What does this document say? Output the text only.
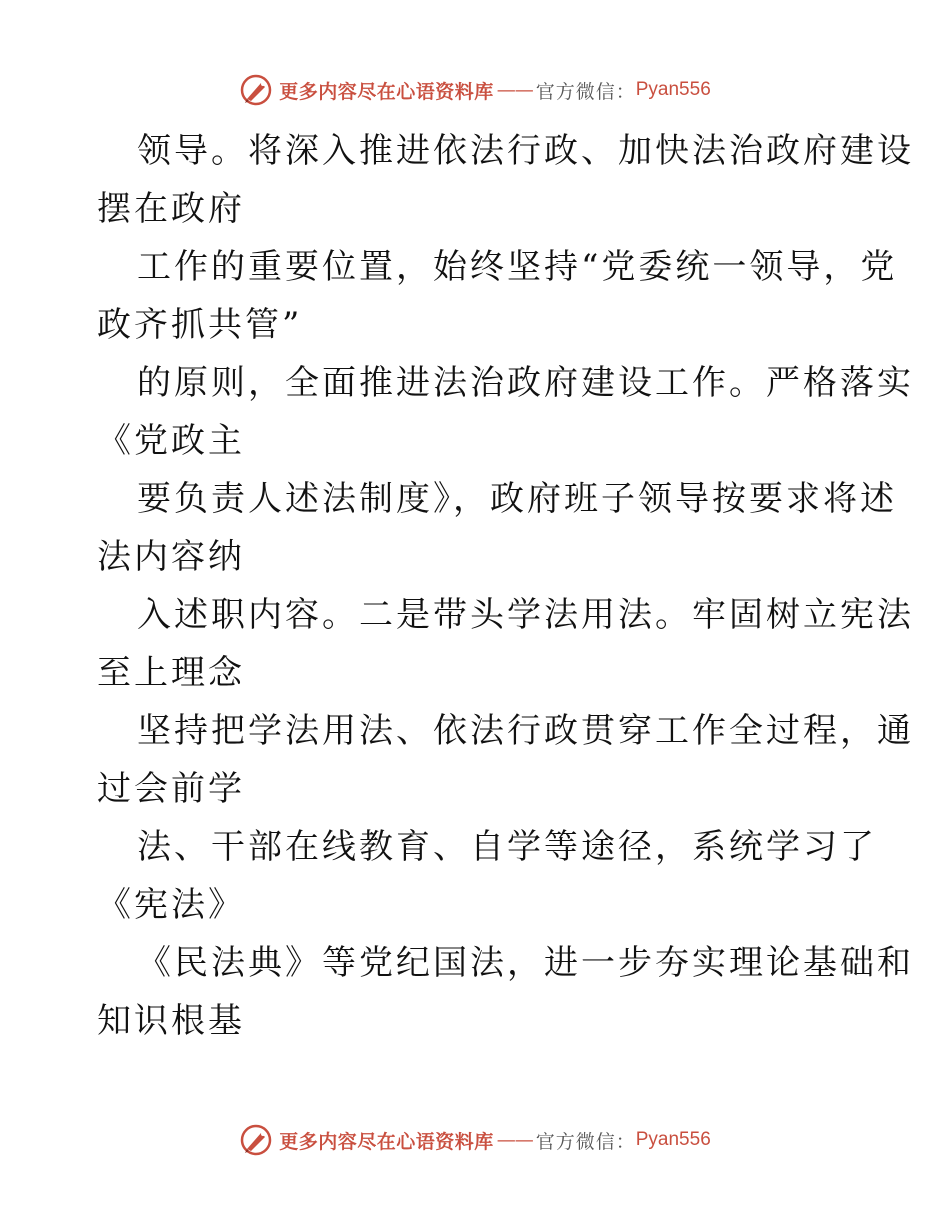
更多内容尽在心语资料库 —— 官方微信： Pyan556
领导。将深入推进依法行政、加快法治政府建设
摆在政府
工作的重要位置，始终坚持“党委统一领导，党
政齐抓共管”
的原则，全面推进法治政府建设工作。严格落实
《党政主
要负责人述法制度》，政府班子领导按要求将述
法内容纳
入述职内容。二是带头学法用法。牢固树立宪法
至上理念
坚持把学法用法、依法行政贯穿工作全过程，通
过会前学
法、干部在线教育、自学等途径，系统学习了
《宪法》
《民法典》等党纪国法，进一步夯实理论基础和
知识根基
更多内容尽在心语资料库 —— 官方微信： Pyan556
